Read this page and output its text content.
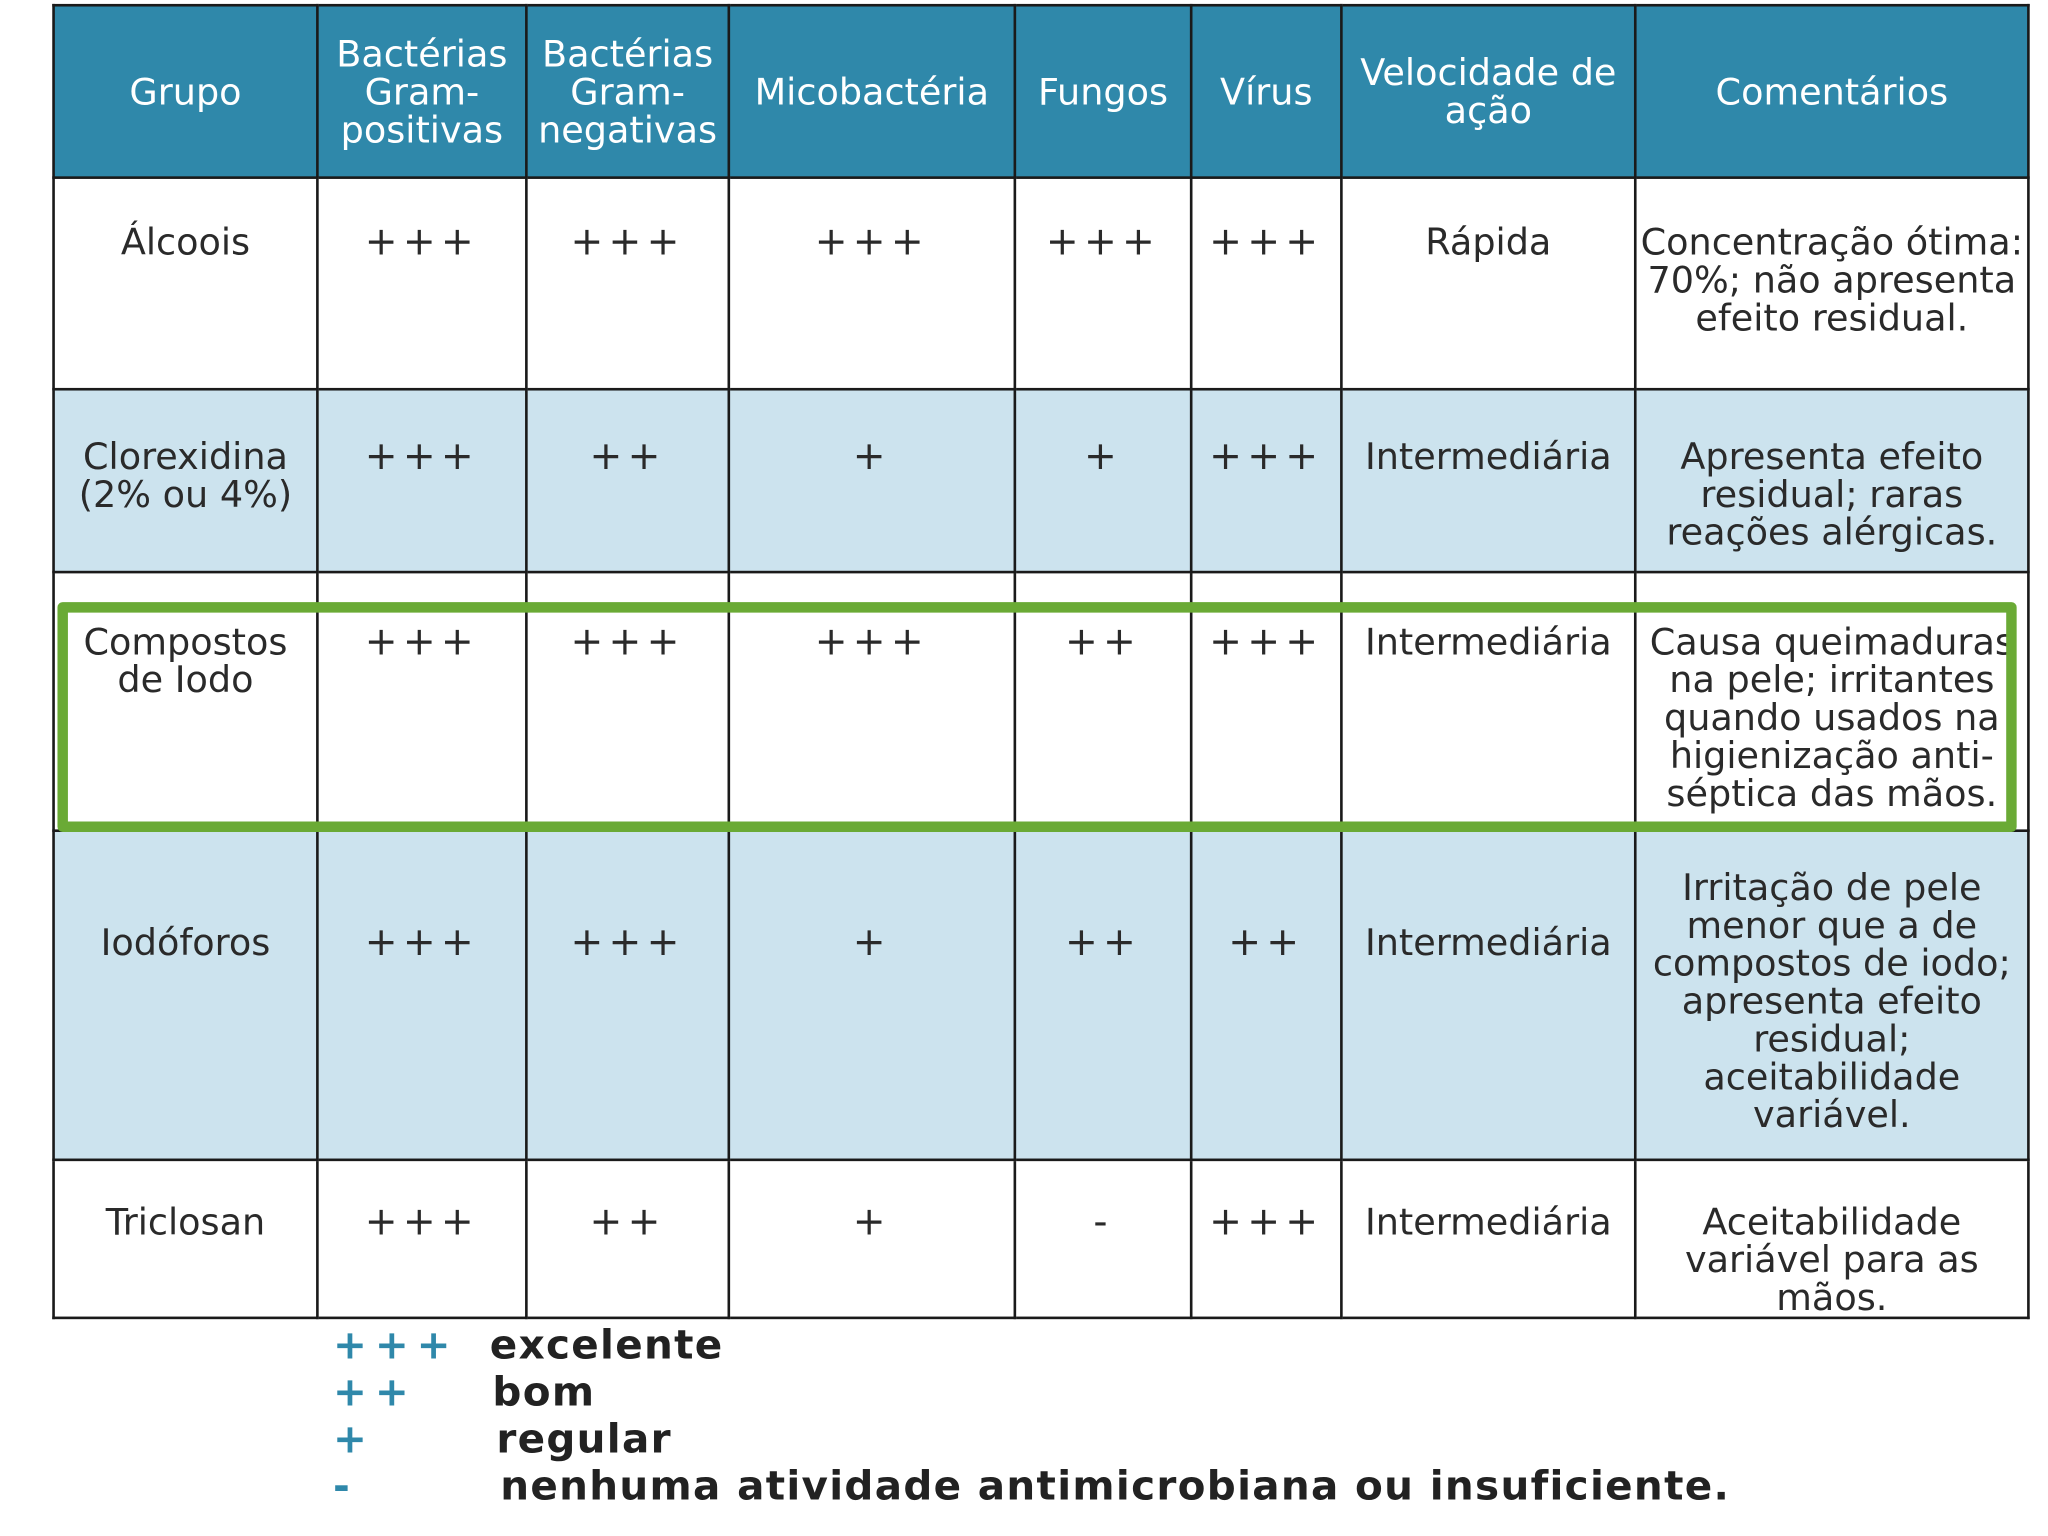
Grupo	Bactérias Gram-positivas	Bactérias Gram-negativas	Micobactéria	Fungos	Vírus	Velocidade de ação	Comentários
Álcoois	+++	+++	+++	+++	+++	Rápida	Concentração ótima: 70%; não apresenta efeito residual.
Clorexidina (2% ou 4%)	+++	++	+	+	+++	Intermediária	Apresenta efeito residual; raras reações alérgicas.
Compostos de Iodo	+++	+++	+++	++	+++	Intermediária	Causa queimaduras na pele; irritantes quando usados na higienização anti-séptica das mãos.
Iodóforos	+++	+++	+	++	++	Intermediária	Irritação de pele menor que a de compostos de iodo; apresenta efeito residual; aceitabilidade variável.
Triclosan	+++	++	+	-	+++	Intermediária	Aceitabilidade variável para as mãos.
+++ excelente
++ bom
+	regular
-	nenhuma atividade antimicrobiana ou insuficiente.
